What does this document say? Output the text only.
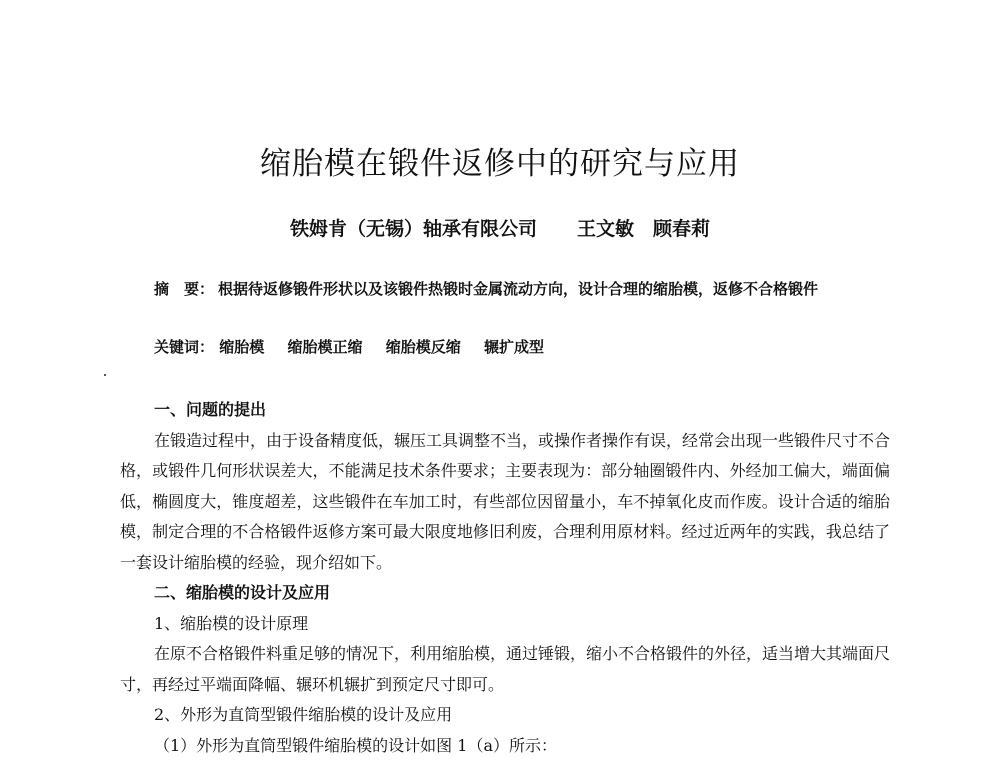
缩胎模在锻件返修中的研究与应用
铁姆肯（无锡）轴承有限公司 王文敏　顾春莉
摘　要： 根据待返修锻件形状以及该锻件热锻时金属流动方向，设计合理的缩胎模，返修不合格锻件
关键词： 缩胎模 缩胎模正缩 缩胎模反缩 辗扩成型
一、问题的提出
在锻造过程中，由于设备精度低，辗压工具调整不当，或操作者操作有误，经常会出现一些锻件尺寸不合格，或锻件几何形状误差大，不能满足技术条件要求；主要表现为：部分轴圈锻件内、外经加工偏大，端面偏低，椭圆度大，锥度超差，这些锻件在车加工时，有些部位因留量小，车不掉氧化皮而作废。设计合适的缩胎模，制定合理的不合格锻件返修方案可最大限度地修旧利废，合理利用原材料。经过近两年的实践，我总结了一套设计缩胎模的经验，现介绍如下。
二、缩胎模的设计及应用
1、缩胎模的设计原理
在原不合格锻件料重足够的情况下，利用缩胎模，通过锤锻，缩小不合格锻件的外径，适当增大其端面尺寸，再经过平端面降幅、辗环机辗扩到预定尺寸即可。
2、外形为直筒型锻件缩胎模的设计及应用
（1）外形为直筒型锻件缩胎模的设计如图 1（a）所示：
